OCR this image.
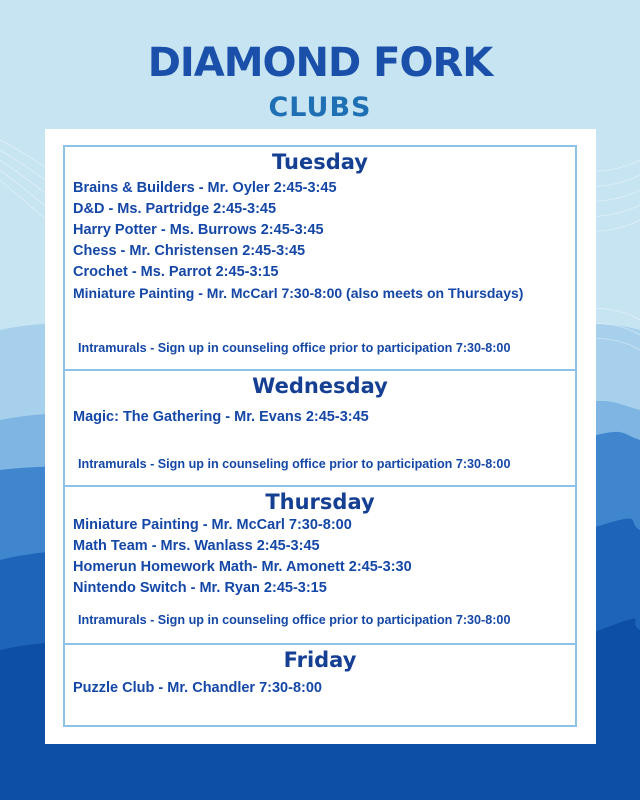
DIAMOND FORK
CLUBS
Tuesday
Brains & Builders - Mr. Oyler 2:45-3:45
D&D - Ms. Partridge 2:45-3:45
Harry Potter - Ms. Burrows 2:45-3:45
Chess - Mr. Christensen 2:45-3:45
Crochet - Ms. Parrot 2:45-3:15
Miniature Painting - Mr. McCarl 7:30-8:00 (also meets on Thursdays)
Intramurals - Sign up in counseling office prior to participation 7:30-8:00
Wednesday
Magic: The Gathering - Mr. Evans 2:45-3:45
Intramurals - Sign up in counseling office prior to participation 7:30-8:00
Thursday
Miniature Painting - Mr. McCarl 7:30-8:00
Math Team - Mrs. Wanlass 2:45-3:45
Homerun Homework Math- Mr. Amonett 2:45-3:30
Nintendo Switch - Mr. Ryan 2:45-3:15
Intramurals - Sign up in counseling office prior to participation 7:30-8:00
Friday
Puzzle Club - Mr. Chandler 7:30-8:00
